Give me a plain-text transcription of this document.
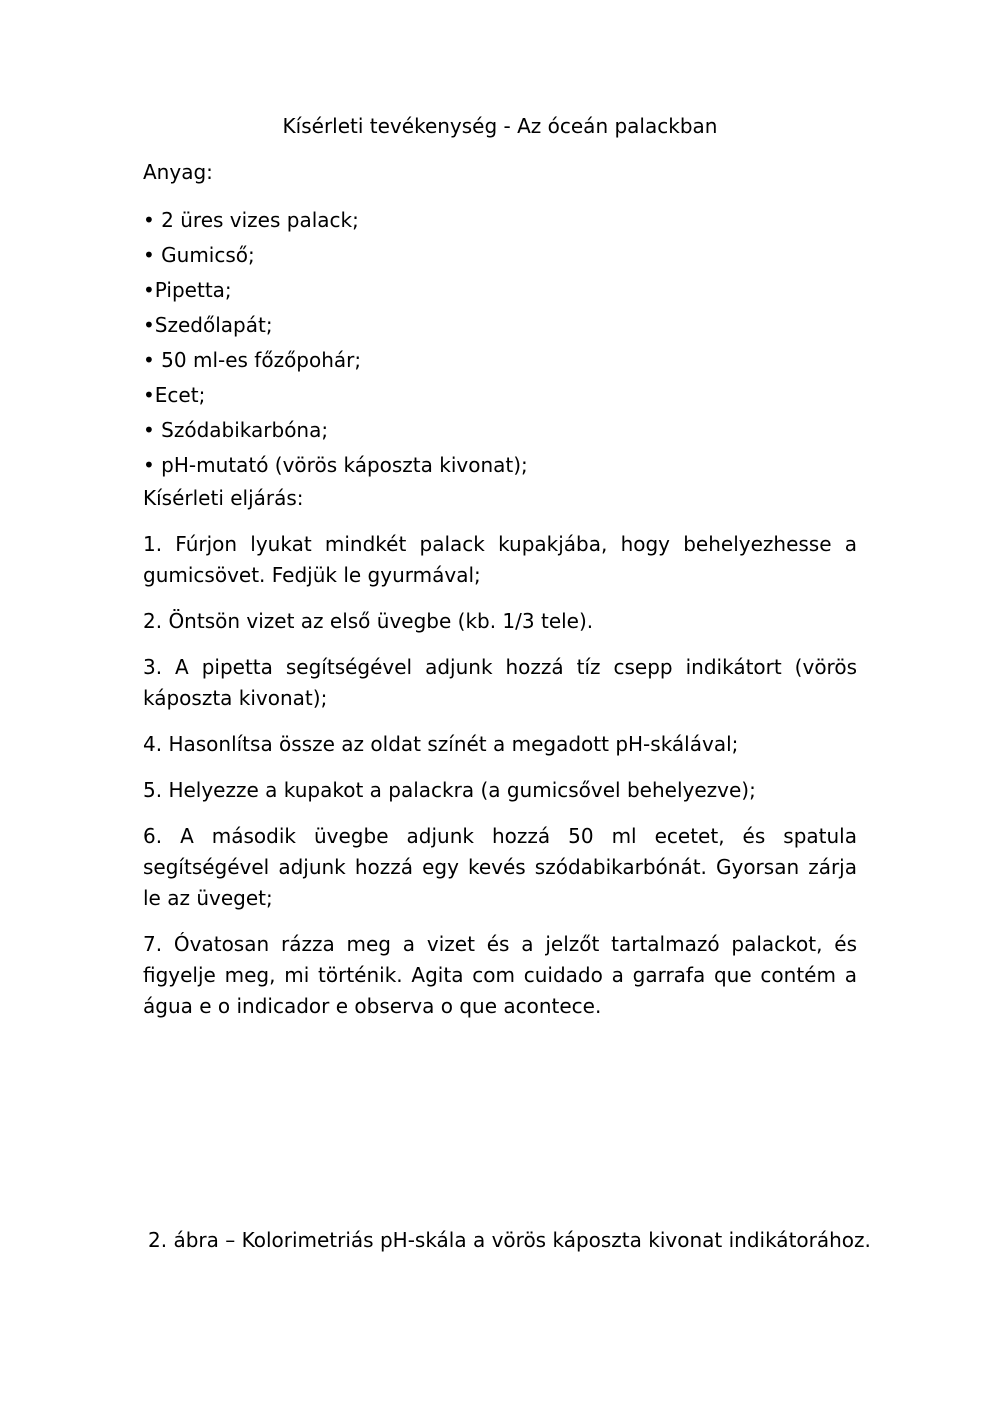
Kísérleti tevékenység - Az óceán palackban
Anyag:
• 2 üres vizes palack;
• Gumicső;
•Pipetta;
•Szedőlapát;
• 50 ml-es főzőpohár;
•Ecet;
• Szódabikarbóna;
• pH-mutató (vörös káposzta kivonat);
Kísérleti eljárás:

1. Fúrjon lyukat mindkét palack kupakjába, hogy behelyezhesse a gumicsövet. Fedjük le gyurmával;

2. Öntsön vizet az első üvegbe (kb. 1/3 tele).

3. A pipetta segítségével adjunk hozzá tíz csepp indikátort (vörös káposzta kivonat);

4. Hasonlítsa össze az oldat színét a megadott pH-skálával;

5. Helyezze a kupakot a palackra (a gumicsővel behelyezve);

6. A második üvegbe adjunk hozzá 50 ml ecetet, és spatula segítségével adjunk hozzá egy kevés szódabikarbónát. Gyorsan zárja le az üveget;

7. Óvatosan rázza meg a vizet és a jelzőt tartalmazó palackot, és figyelje meg, mi történik. Agita com cuidado a garrafa que contém a água e o indicador e observa o que acontece.

2. ábra – Kolorimetriás pH-skála a vörös káposzta kivonat indikátorához.
